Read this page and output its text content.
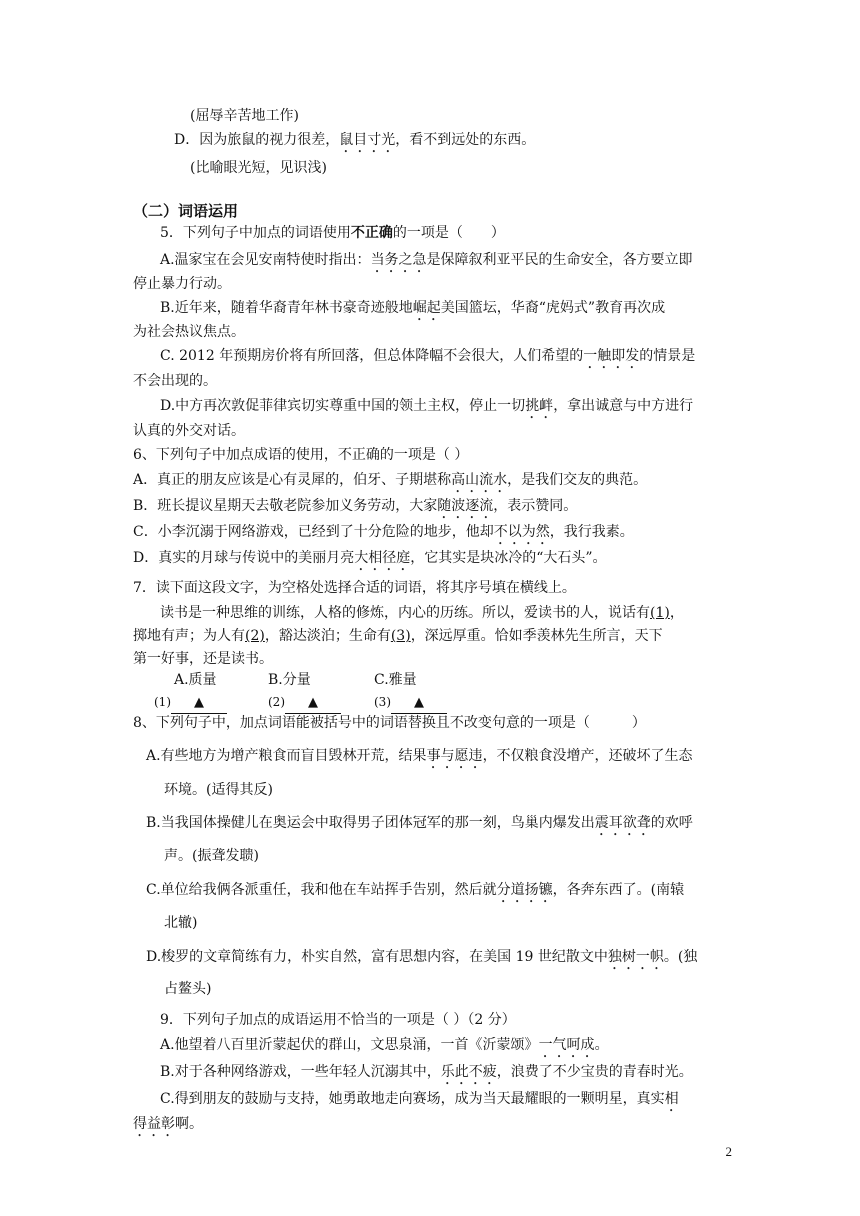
(屈辱辛苦地工作)
D．因为旅鼠的视力很差，鼠目寸光，看不到远处的东西。
(比喻眼光短，见识浅)
（二）词语运用
5．下列句子中加点的词语使用不正确的一项是（　　）
A.温家宝在会见安南特使时指出：当务之急是保障叙利亚平民的生命安全，各方要立即
停止暴力行动。
B.近年来，随着华裔青年林书豪奇迹般地崛起美国篮坛，华裔“虎妈式”教育再次成
为社会热议焦点。
C. 2012 年预期房价将有所回落，但总体降幅不会很大，人们希望的一触即发的情景是
不会出现的。
D.中方再次敦促菲律宾切实尊重中国的领土主权，停止一切挑衅，拿出诚意与中方进行
认真的外交对话。
6、下列句子中加点成语的使用，不正确的一项是（ ）
A．真正的朋友应该是心有灵犀的，伯牙、子期堪称高山流水，是我们交友的典范。
B．班长提议星期天去敬老院参加义务劳动，大家随波逐流，表示赞同。
C．小李沉溺于网络游戏，已经到了十分危险的地步，他却不以为然，我行我素。
D．真实的月球与传说中的美丽月亮大相径庭，它其实是块冰冷的“大石头”。
7．读下面这段文字，为空格处选择合适的词语，将其序号填在横线上。
读书是一种思维的训练，人格的修炼，内心的历练。所以，爱读书的人，说话有(1)，
掷地有声；为人有(2)，豁达淡泊；生命有(3)，深远厚重。恰如季羡林先生所言，天下
第一好事，还是读书。
A.质量	B.分量	C.雅量
(1) ▲	(2) ▲	(3) ▲
8、下列句子中，加点词语能被括号中的词语替换且不改变句意的一项是（　　　）
A.有些地方为增产粮食而盲目毁林开荒，结果事与愿违，不仅粮食没增产，还破坏了生态
环境。(适得其反)
B.当我国体操健儿在奥运会中取得男子团体冠军的那一刻，鸟巢内爆发出震耳欲聋的欢呼
声。(振聋发聩)
C.单位给我俩各派重任，我和他在车站挥手告别，然后就分道扬镳，各奔东西了。(南辕
北辙)
D.梭罗的文章简练有力，朴实自然，富有思想内容，在美国 19 世纪散文中独树一帜。(独
占鳌头)
9．下列句子加点的成语运用不恰当的一项是（ ）（2 分）
A.他望着八百里沂蒙起伏的群山，文思泉涌，一首《沂蒙颂》一气呵成。
B.对于各种网络游戏，一些年轻人沉溺其中，乐此不疲，浪费了不少宝贵的青春时光。
C.得到朋友的鼓励与支持，她勇敢地走向赛场，成为当天最耀眼的一颗明星，真实相
得益彰啊。
2
